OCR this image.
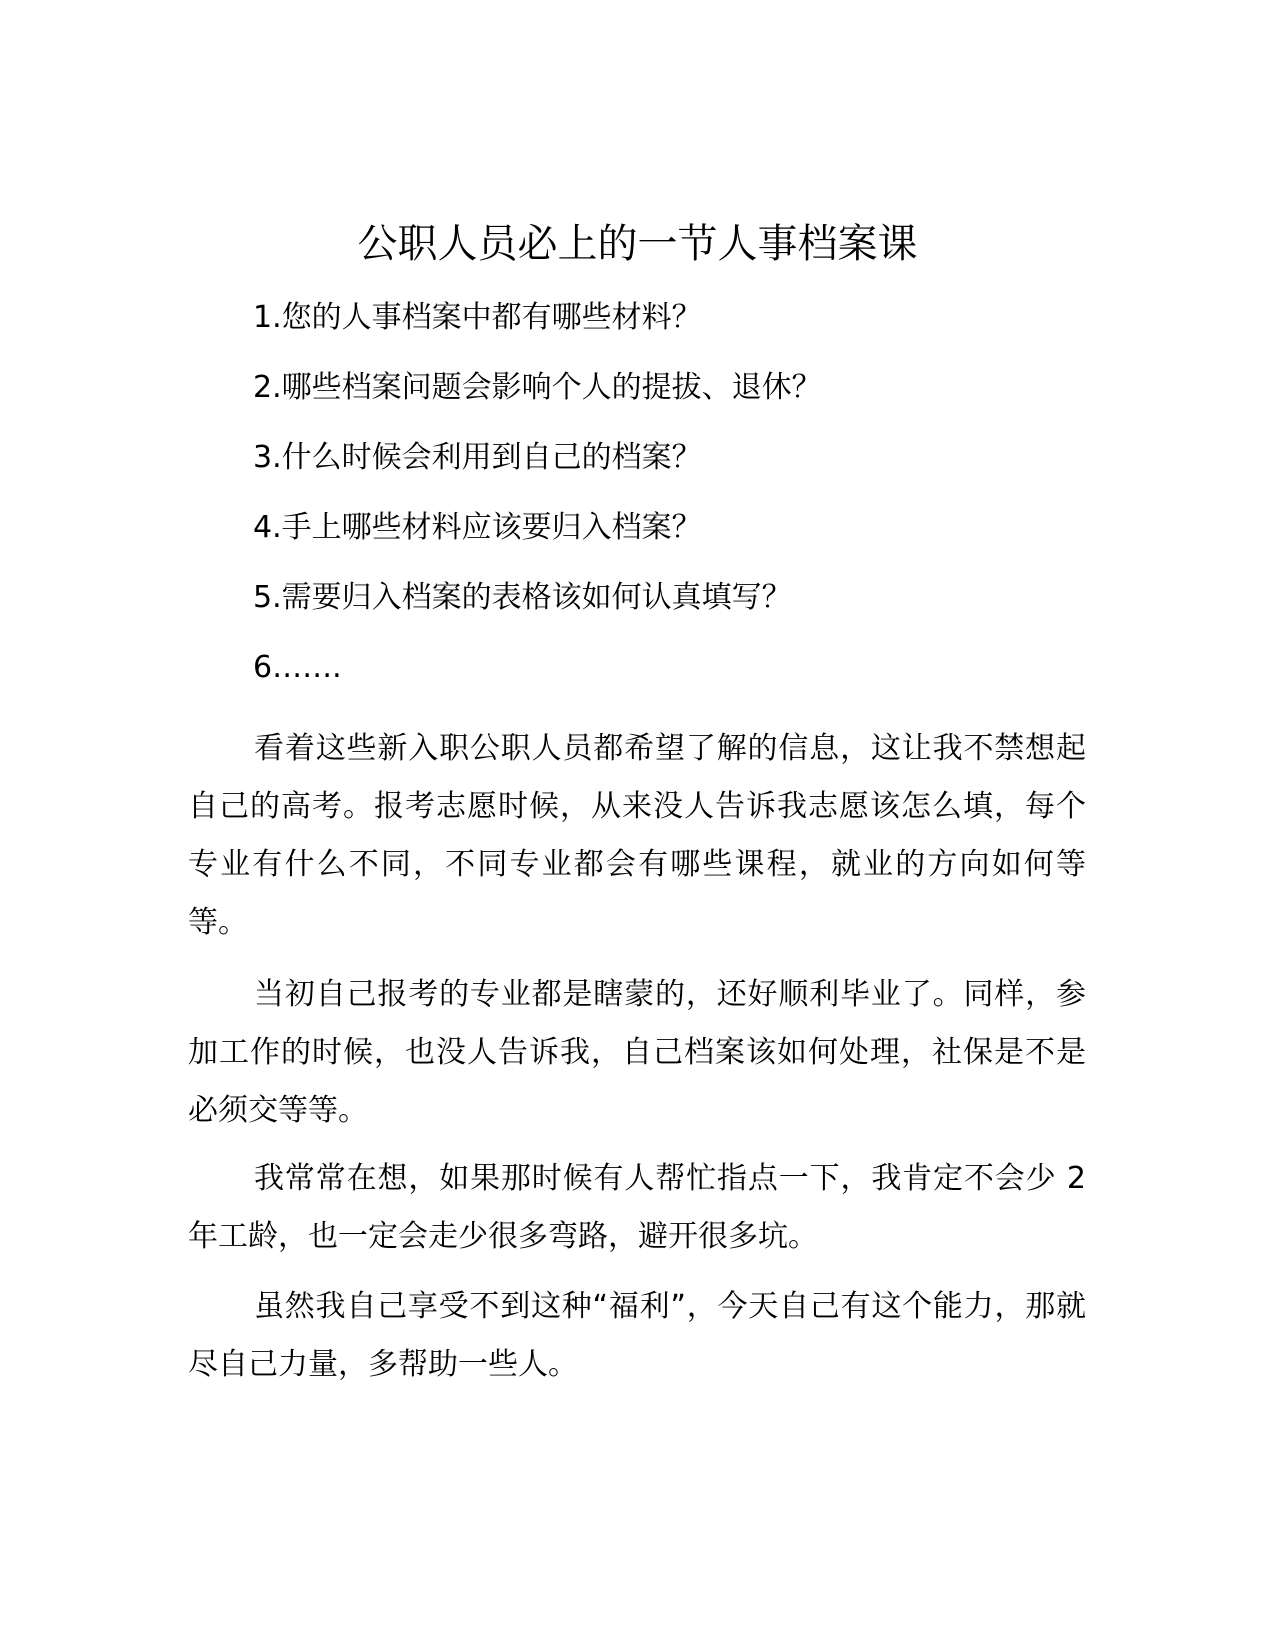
公职人员必上的一节人事档案课
1.您的人事档案中都有哪些材料？
2.哪些档案问题会影响个人的提拔、退休？
3.什么时候会利用到自己的档案？
4.手上哪些材料应该要归入档案？
5.需要归入档案的表格该如何认真填写？
6…….

看着这些新入职公职人员都希望了解的信息，这让我不禁想起自己的高考。报考志愿时候，从来没人告诉我志愿该怎么填，每个专业有什么不同，不同专业都会有哪些课程，就业的方向如何等等。

当初自己报考的专业都是瞎蒙的，还好顺利毕业了。同样，参加工作的时候，也没人告诉我，自己档案该如何处理，社保是不是必须交等等。

我常常在想，如果那时候有人帮忙指点一下，我肯定不会少 2 年工龄，也一定会走少很多弯路，避开很多坑。

虽然我自己享受不到这种“福利”，今天自己有这个能力，那就尽自己力量，多帮助一些人。
